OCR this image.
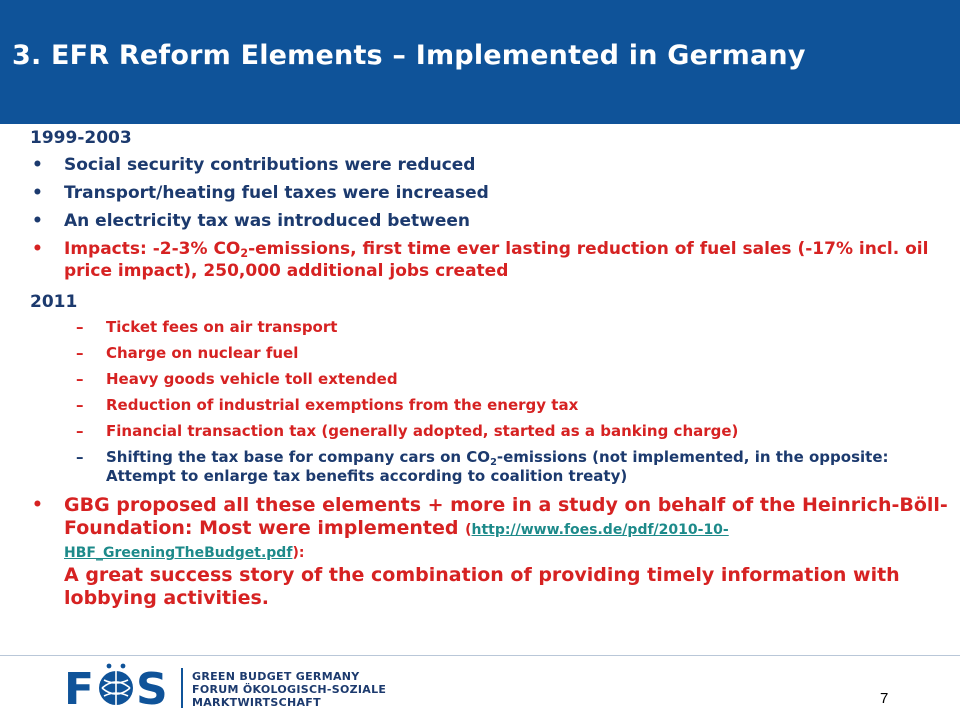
3. EFR Reform Elements – Implemented in Germany
1999-2003
• Social security contributions were reduced
• Transport/heating fuel taxes were increased
• An electricity tax was introduced between
• Impacts: -2-3% $CO_2$-emissions, first time ever lasting reduction of fuel sales (-17% incl. oil price impact), 250,000 additional jobs created
2011
– Ticket fees on air transport
– Charge on nuclear fuel
– Heavy goods vehicle toll extended
– Reduction of industrial exemptions from the energy tax
– Financial transaction tax (generally adopted, started as a banking charge)
– Shifting the tax base for company cars on $CO_2$-emissions (not implemented, in the opposite: Attempt to enlarge tax benefits according to coalition treaty)
• GBG proposed all these elements + more in a study on behalf of the Heinrich-Böll-Foundation: Most were implemented (http://www.foes.de/pdf/2010-10-HBF_GreeningTheBudget.pdf):
A great success story of the combination of providing timely information with lobbying activities.
F S GREEN BUDGET GERMANY
FORUM ÖKOLOGISCH-SOZIALE
MARKTWIRTSCHAFT	7
